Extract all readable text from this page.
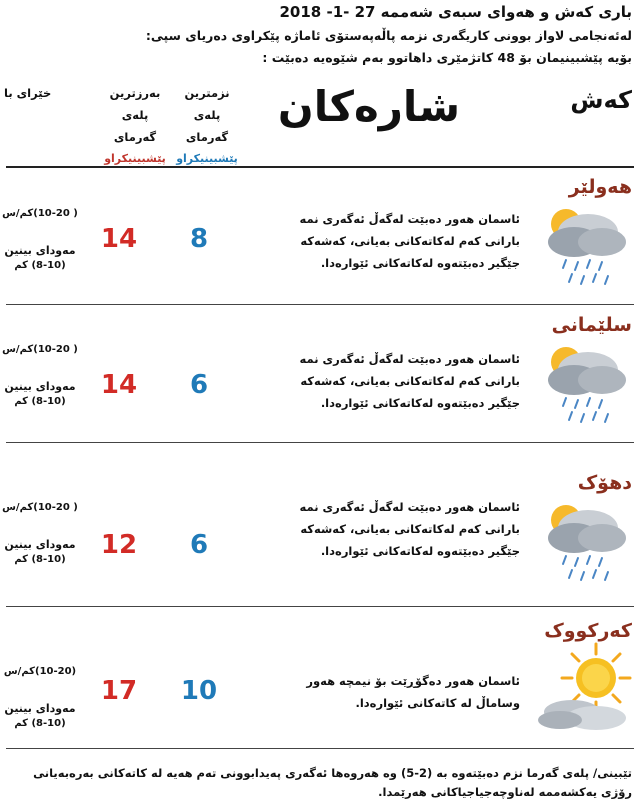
باری کەش و هەوای سبەی شەممە 27 -1- 2018
لەئەنجامی لاواز بوونی کاریگەری نزمە پاڵەپەستۆی ئاماژە پێکراوی دەریای سپی:
بۆیە پێشبینیمان بۆ 48 کاتژمێری داهاتوو بەم شێوەیە دەبێت :
کەش
شارەکان
نزمترین
پلەی
گەرمای
پێشبینیکراو
بەرزترین
پلەی
گەرمای
پێشبینیکراو
خێرای با
هەولێر
ئاسمان هەور دەبێت لەگەڵ ئەگەری نمە بارانی کەم لەکاتەکانی بەیانی، کەشەکە جێگیر دەبێتەوە لەکاتەکانی ئێوارەدا.
8
14
( 10-20)کم/س
مەودای بینین
(8-10) کم
سلێمانی
ئاسمان هەور دەبێت لەگەڵ ئەگەری نمە بارانی کەم لەکاتەکانی بەیانی، کەشەکە جێگیر دەبێتەوە لەکاتەکانی ئێوارەدا.
6
14
( 10-20)کم/س
مەودای بینین
(8-10) کم
دهۆک
ئاسمان هەور دەبێت لەگەڵ ئەگەری نمە بارانی کەم لەکاتەکانی بەیانی، کەشەکە جێگیر دەبێتەوە لەکاتەکانی ئێوارەدا.
6
12
( 10-20)کم/س
مەودای بینین
(8-10) کم
کەرکووک
ئاسمان هەور دەگۆڕێت بۆ نیمچە هەور وساماڵ لە کاتەکانی ئێوارەدا.
10
17
(10-20)کم/س
مەودای بینین
(8-10) کم
تێبینی/ پلەی گەرما نزم دەبێتەوە بە (2-5) وە هەروەها ئەگەری پەیدابوونی تەم هەیە لە کاتەکانی بەرەبەیانی رۆژی یەکشەممە لەناوچەجیاجیاکانی هەرێمدا.
